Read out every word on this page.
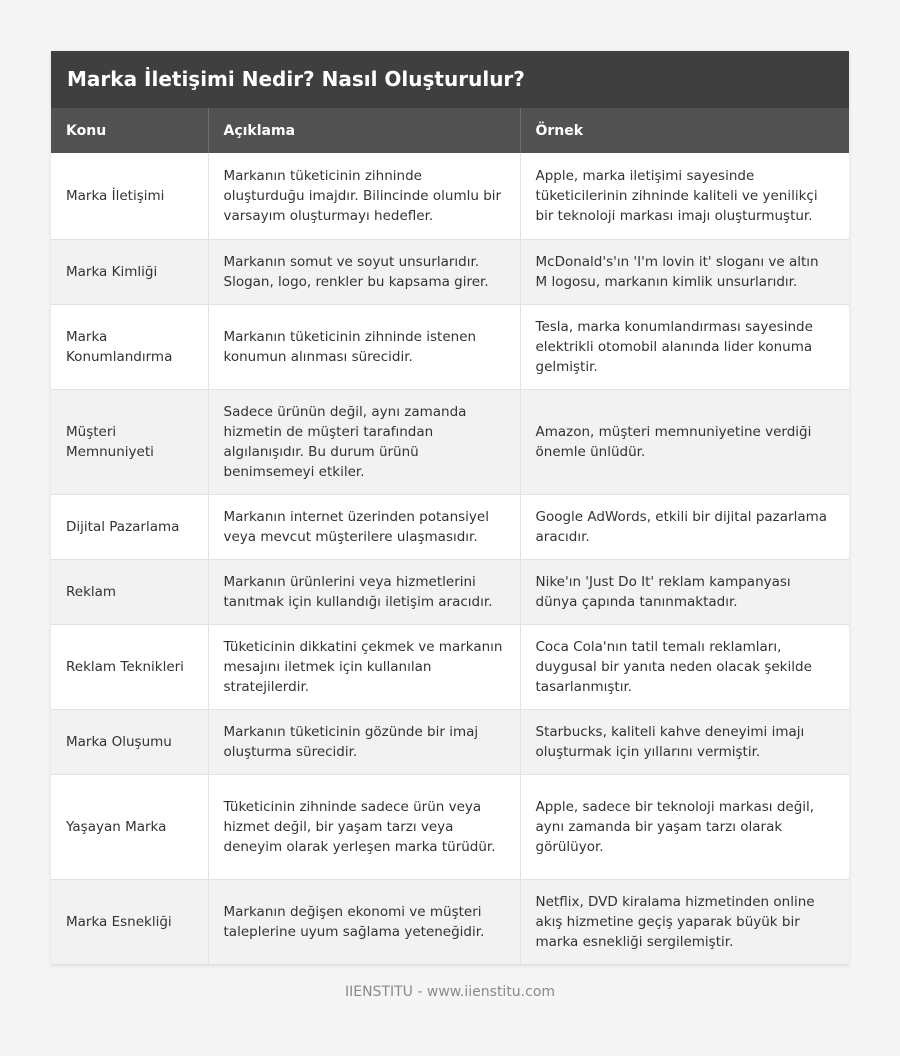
Marka İletişimi Nedir? Nasıl Oluşturulur?
Konu	Açıklama	Örnek
Marka İletişimi	Markanın tüketicinin zihninde oluşturduğu imajdır. Bilincinde olumlu bir varsayım oluşturmayı hedefler.	Apple, marka iletişimi sayesinde tüketicilerinin zihninde kaliteli ve yenilikçi bir teknoloji markası imajı oluşturmuştur.
Marka Kimliği	Markanın somut ve soyut unsurlarıdır. Slogan, logo, renkler bu kapsama girer.	McDonald's'ın 'I'm lovin it' sloganı ve altın M logosu, markanın kimlik unsurlarıdır.
Marka Konumlandırma	Markanın tüketicinin zihninde istenen konumun alınması sürecidir.	Tesla, marka konumlandırması sayesinde elektrikli otomobil alanında lider konuma gelmiştir.
Müşteri Memnuniyeti	Sadece ürünün değil, aynı zamanda hizmetin de müşteri tarafından algılanışıdır. Bu durum ürünü benimsemeyi etkiler.	Amazon, müşteri memnuniyetine verdiği önemle ünlüdür.
Dijital Pazarlama	Markanın internet üzerinden potansiyel veya mevcut müşterilere ulaşmasıdır.	Google AdWords, etkili bir dijital pazarlama aracıdır.
Reklam	Markanın ürünlerini veya hizmetlerini tanıtmak için kullandığı iletişim aracıdır.	Nike'ın 'Just Do It' reklam kampanyası dünya çapında tanınmaktadır.
Reklam Teknikleri	Tüketicinin dikkatini çekmek ve markanın mesajını iletmek için kullanılan stratejilerdir.	Coca Cola'nın tatil temalı reklamları, duygusal bir yanıta neden olacak şekilde tasarlanmıştır.
Marka Oluşumu	Markanın tüketicinin gözünde bir imaj oluşturma sürecidir.	Starbucks, kaliteli kahve deneyimi imajı oluşturmak için yıllarını vermiştir.
Yaşayan Marka	Tüketicinin zihninde sadece ürün veya hizmet değil, bir yaşam tarzı veya deneyim olarak yerleşen marka türüdür.	Apple, sadece bir teknoloji markası değil, aynı zamanda bir yaşam tarzı olarak görülüyor.
Marka Esnekliği	Markanın değişen ekonomi ve müşteri taleplerine uyum sağlama yeteneğidir.	Netflix, DVD kiralama hizmetinden online akış hizmetine geçiş yaparak büyük bir marka esnekliği sergilemiştir.
IIENSTITU - www.iienstitu.com
